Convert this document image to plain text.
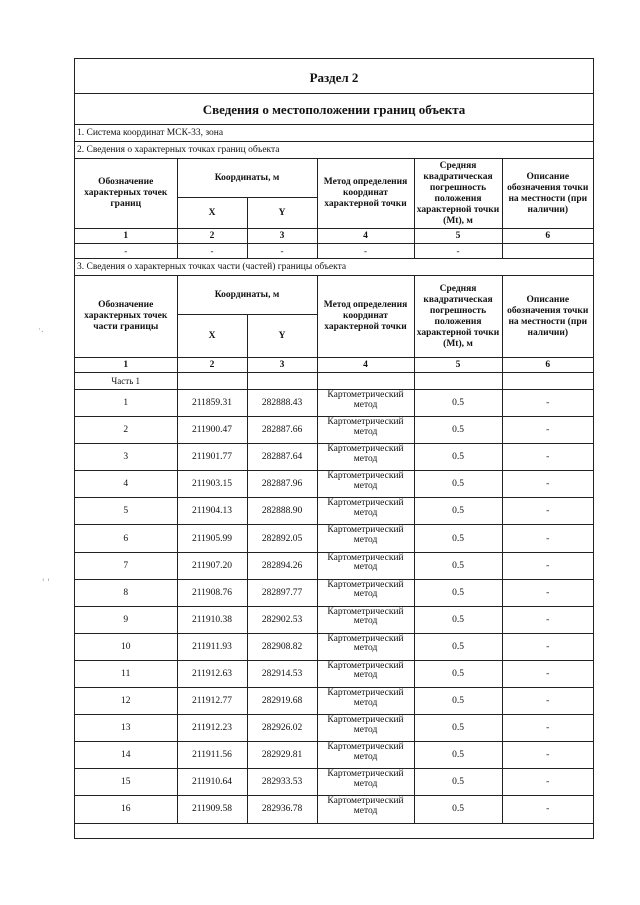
Раздел 2
Сведения о местоположении границ объекта
1. Система координат МСК-33, зона
2. Сведения о характерных точках границ объекта
Обозначение характерных точек границ	Координаты, м		Метод определения координат характерной точки	Средняя квадратическая погрешность положения характерной точки (Mt), м	Описание обозначения точки на местности (при наличии)
	X	Y			
1	2	3	4	5	6
-	-	-	-	-	
3. Сведения о характерных точках части (частей) границы объекта
Обозначение характерных точек части границы	Координаты, м		Метод определения координат характерной точки	Средняя квадратическая погрешность положения характерной точки (Mt), м	Описание обозначения точки на местности (при наличии)
	X	Y			
1	2	3	4	5	6
Часть 1					
1	211859.31	282888.43	Картометрический метод	0.5	-
2	211900.47	282887.66	Картометрический метод	0.5	-
3	211901.77	282887.64	Картометрический метод	0.5	-
4	211903.15	282887.96	Картометрический метод	0.5	-
5	211904.13	282888.90	Картометрический метод	0.5	-
6	211905.99	282892.05	Картометрический метод	0.5	-
7	211907.20	282894.26	Картометрический метод	0.5	-
8	211908.76	282897.77	Картометрический метод	0.5	-
9	211910.38	282902.53	Картометрический метод	0.5	-
10	211911.93	282908.82	Картометрический метод	0.5	-
11	211912.63	282914.53	Картометрический метод	0.5	-
12	211912.77	282919.68	Картометрический метод	0.5	-
13	211912.23	282926.02	Картометрический метод	0.5	-
14	211911.56	282929.81	Картометрический метод	0.5	-
15	211910.64	282933.53	Картометрический метод	0.5	-
16	211909.58	282936.78	Картометрический метод	0.5	-
·.
' '
